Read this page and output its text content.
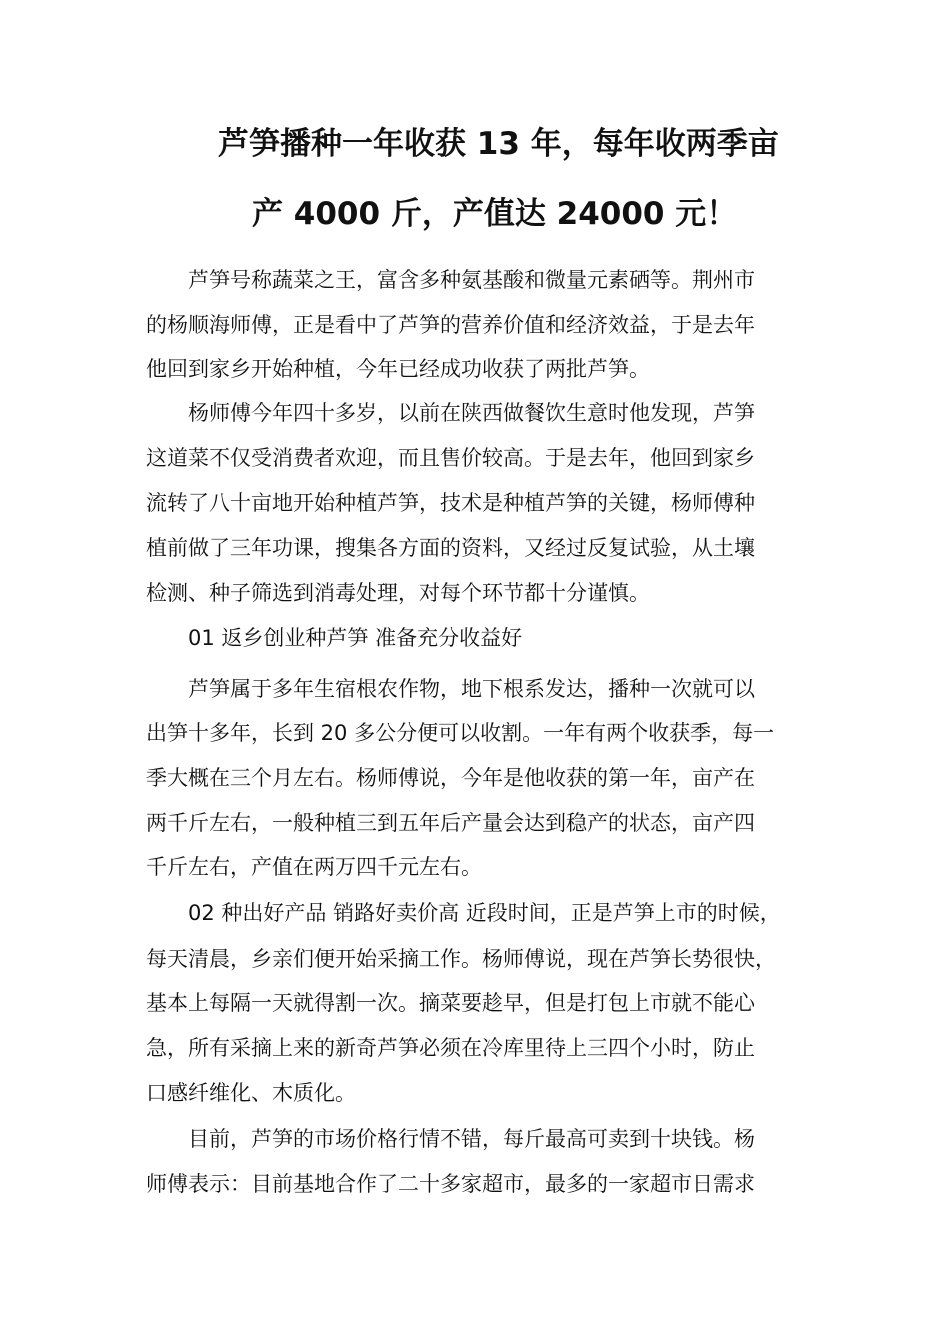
芦笋播种一年收获 13 年，每年收两季亩
产 4000 斤，产值达 24000 元！
芦笋号称蔬菜之王，富含多种氨基酸和微量元素硒等。荆州市
的杨顺海师傅，正是看中了芦笋的营养价值和经济效益，于是去年
他回到家乡开始种植，今年已经成功收获了两批芦笋。
杨师傅今年四十多岁，以前在陕西做餐饮生意时他发现，芦笋
这道菜不仅受消费者欢迎，而且售价较高。于是去年，他回到家乡
流转了八十亩地开始种植芦笋，技术是种植芦笋的关键，杨师傅种
植前做了三年功课，搜集各方面的资料，又经过反复试验，从土壤
检测、种子筛选到消毒处理，对每个环节都十分谨慎。
01 返乡创业种芦笋 准备充分收益好
芦笋属于多年生宿根农作物，地下根系发达，播种一次就可以
出笋十多年，长到 20 多公分便可以收割。一年有两个收获季，每一
季大概在三个月左右。杨师傅说，今年是他收获的第一年，亩产在
两千斤左右，一般种植三到五年后产量会达到稳产的状态，亩产四
千斤左右，产值在两万四千元左右。
02 种出好产品 销路好卖价高 近段时间，正是芦笋上市的时候，
每天清晨，乡亲们便开始采摘工作。杨师傅说，现在芦笋长势很快，
基本上每隔一天就得割一次。摘菜要趁早，但是打包上市就不能心
急，所有采摘上来的新奇芦笋必须在冷库里待上三四个小时，防止
口感纤维化、木质化。
目前，芦笋的市场价格行情不错，每斤最高可卖到十块钱。杨
师傅表示：目前基地合作了二十多家超市，最多的一家超市日需求
